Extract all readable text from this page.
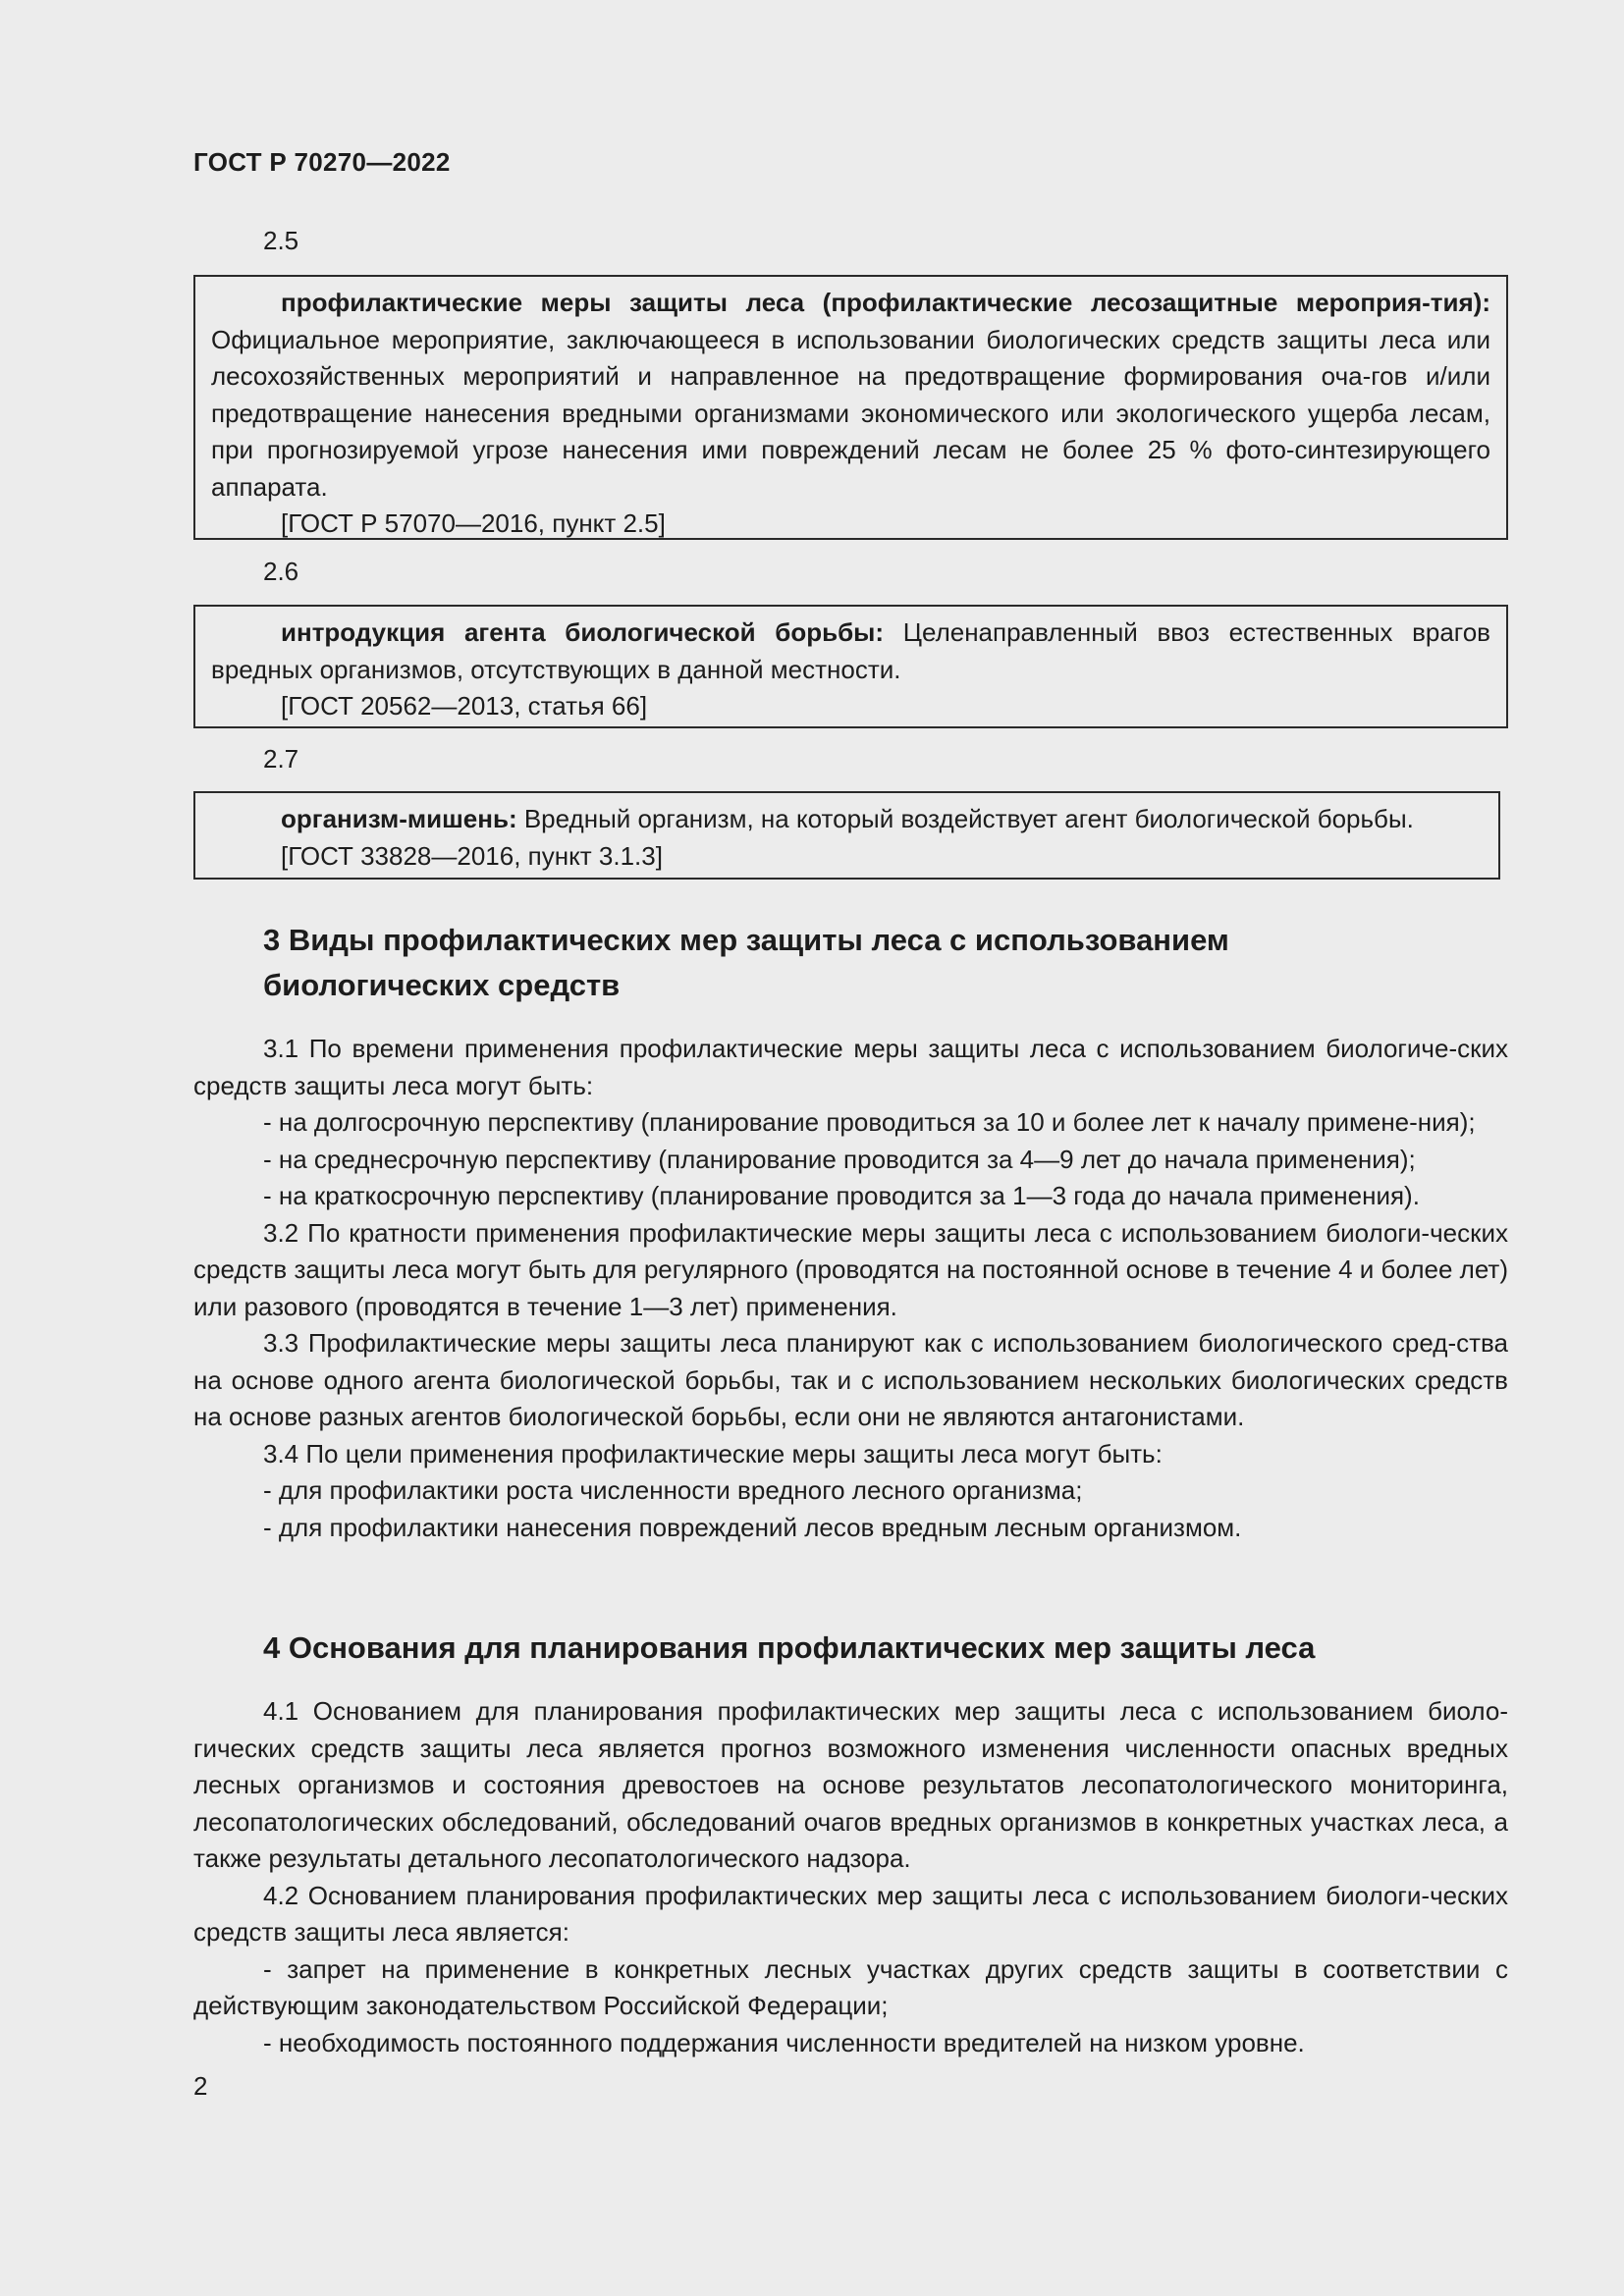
ГОСТ Р 70270—2022
2.5

профилактические меры защиты леса (профилактические лесозащитные мероприя-тия): Официальное мероприятие, заключающееся в использовании биологических средств защиты леса или лесохозяйственных мероприятий и направленное на предотвращение формирования оча-гов и/или предотвращение нанесения вредными организмами экономического или экологического ущерба лесам, при прогнозируемой угрозе нанесения ими повреждений лесам не более 25 % фото-синтезирующего аппарата.

[ГОСТ Р 57070—2016, пункт 2.5]

2.6

интродукция агента биологической борьбы: Целенаправленный ввоз естественных врагов вредных организмов, отсутствующих в данной местности.

[ГОСТ 20562—2013, статья 66]

2.7

организм-мишень: Вредный организм, на который воздействует агент биологической борьбы.

[ГОСТ 33828—2016, пункт 3.1.3]

3 Виды профилактических мер защиты леса с использованием
биологических средств

3.1 По времени применения профилактические меры защиты леса с использованием биологиче-ских средств защиты леса могут быть:

- на долгосрочную перспективу (планирование проводиться за 10 и более лет к началу примене-ния);

- на среднесрочную перспективу (планирование проводится за 4—9 лет до начала применения);

- на краткосрочную перспективу (планирование проводится за 1—3 года до начала применения).

3.2 По кратности применения профилактические меры защиты леса с использованием биологи-ческих средств защиты леса могут быть для регулярного (проводятся на постоянной основе в течение 4 и более лет) или разового (проводятся в течение 1—3 лет) применения.

3.3 Профилактические меры защиты леса планируют как с использованием биологического сред-ства на основе одного агента биологической борьбы, так и с использованием нескольких биологических средств на основе разных агентов биологической борьбы, если они не являются антагонистами.

3.4 По цели применения профилактические меры защиты леса могут быть:

- для профилактики роста численности вредного лесного организма;

- для профилактики нанесения повреждений лесов вредным лесным организмом.

4 Основания для планирования профилактических мер защиты леса

4.1 Основанием для планирования профилактических мер защиты леса с использованием биоло-гических средств защиты леса является прогноз возможного изменения численности опасных вредных лесных организмов и состояния древостоев на основе результатов лесопатологического мониторинга, лесопатологических обследований, обследований очагов вредных организмов в конкретных участках леса, а также результаты детального лесопатологического надзора.

4.2 Основанием планирования профилактических мер защиты леса с использованием биологи-ческих средств защиты леса является:

- запрет на применение в конкретных лесных участках других средств защиты в соответствии с действующим законодательством Российской Федерации;

- необходимость постоянного поддержания численности вредителей на низком уровне.

2
